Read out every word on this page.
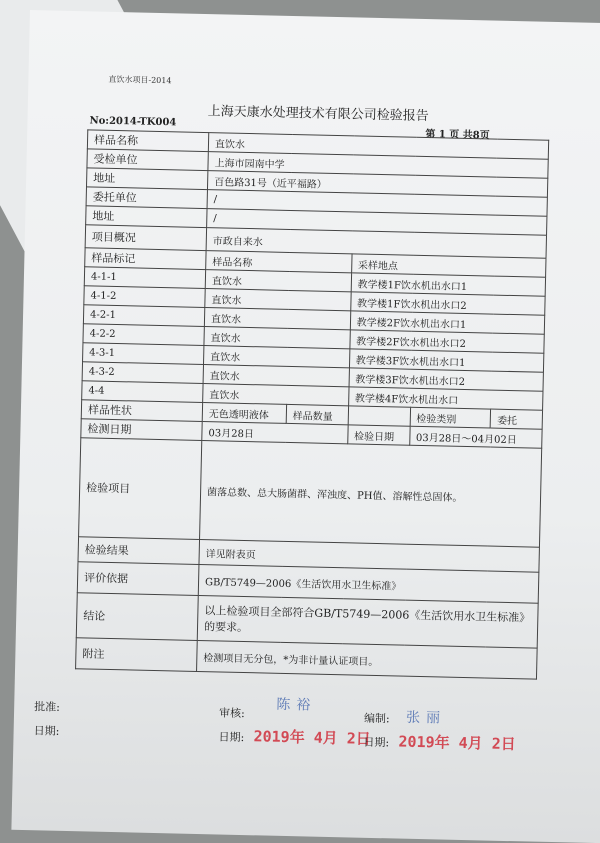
直饮水项目-2014
上海天康水处理技术有限公司检验报告
No:2014-TK004
第 1 页 共8页
样品名称	直饮水				
受检单位	上海市园南中学				
地址	百色路31号（近平福路）				
委托单位	/				
地址	/				
项目概况	市政自来水				
样品标记	样品名称		采样地点		
4-1-1	直饮水		教学楼1F饮水机出水口1		
4-1-2	直饮水		教学楼1F饮水机出水口2		
4-2-1	直饮水		教学楼2F饮水机出水口1		
4-2-2	直饮水		教学楼2F饮水机出水口2		
4-3-1	直饮水		教学楼3F饮水机出水口1		
4-3-2	直饮水		教学楼3F饮水机出水口2		
4-4	直饮水		教学楼4F饮水机出水口		
样品性状	无色透明液体	样品数量		检验类别	委托
检测日期	03月28日		检验日期	03月28日～04月02日	
检验项目	菌落总数、总大肠菌群、浑浊度、PH值、溶解性总固体。				
检验结果	详见附表页				
评价依据	GB/T5749—2006《生活饮用水卫生标准》				
结论	以上检验项目全部符合GB/T5749—2006《生活饮用水卫生标准》的要求。				
附注	检测项目无分包，*为非计量认证项目。				
批准:	审核: 陈裕
编制: 张丽
日期:	日期: 2019年 4月 2日
日期: 2019年 4月 2日
